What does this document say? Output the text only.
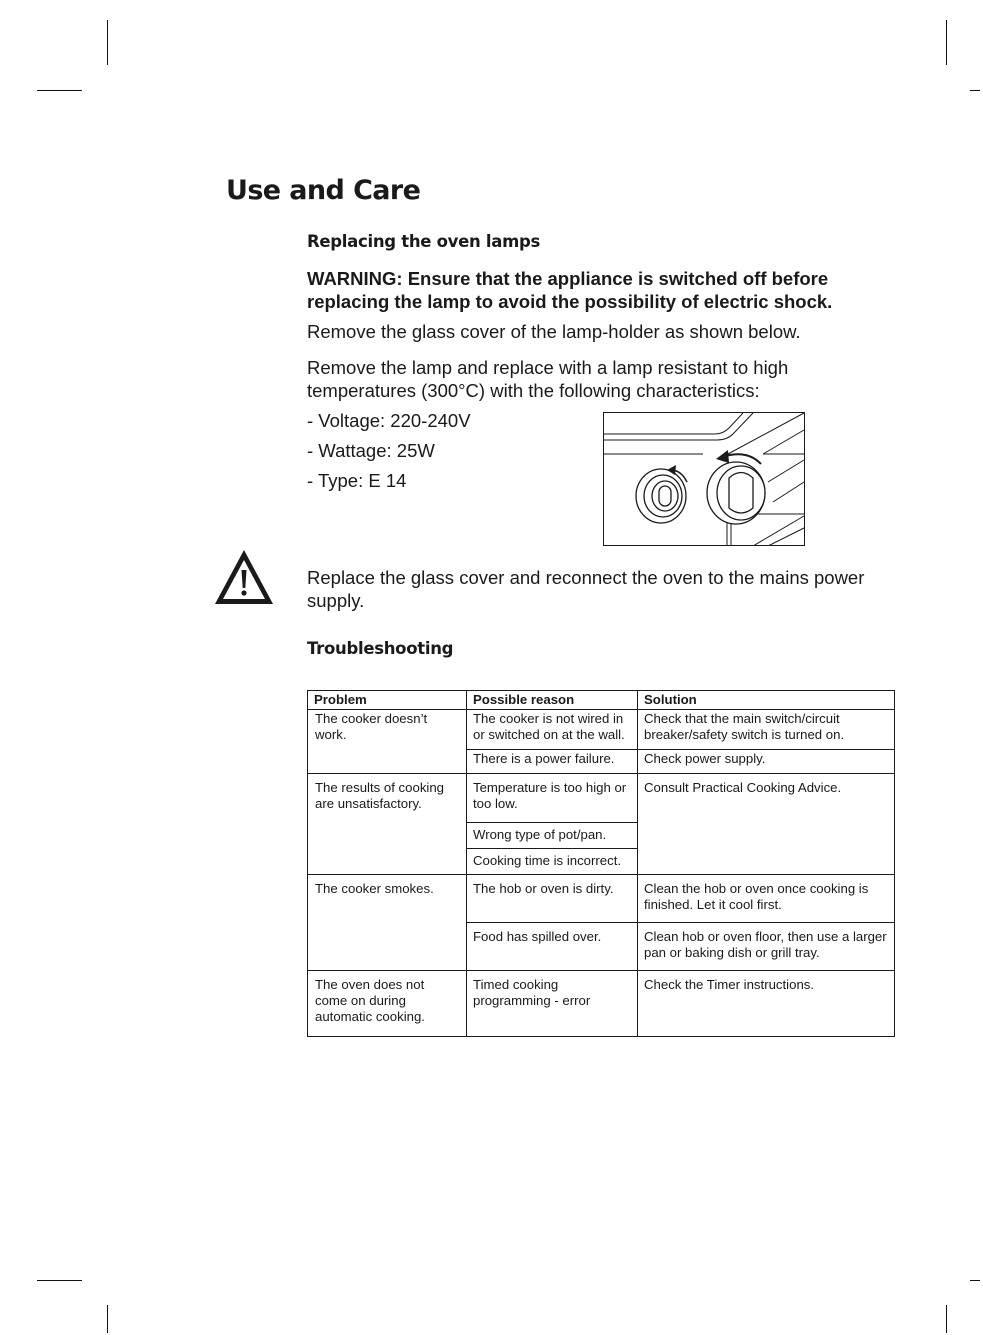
Use and Care
Replacing the oven lamps
WARNING: Ensure that the appliance is switched off before replacing the lamp to avoid the possibility of electric shock.
Remove the glass cover of the lamp-holder as shown below.
Remove the lamp and replace with a lamp resistant to high temperatures (300°C) with the following characteristics:
- Voltage: 220-240V
- Wattage: 25W
- Type: E 14
Replace the glass cover and reconnect the oven to the mains power supply.
Troubleshooting
Problem	Possible reason	Solution
The cooker doesn’t work.	The cooker is not wired in or switched on at the wall.	Check that the main switch/circuit breaker/safety switch is turned on.
	There is a power failure.	Check power supply.
The results of cooking are unsatisfactory.	Temperature is too high or too low.	Consult Practical Cooking Advice.
	Wrong type of pot/pan.	
	Cooking time is incorrect.	
The cooker smokes.	The hob or oven is dirty.	Clean the hob or oven once cooking is finished. Let it cool first.
	Food has spilled over.	Clean hob or oven floor, then use a larger pan or baking dish or grill tray.
The oven does not come on during automatic cooking.	Timed cooking programming - error	Check the Timer instructions.
